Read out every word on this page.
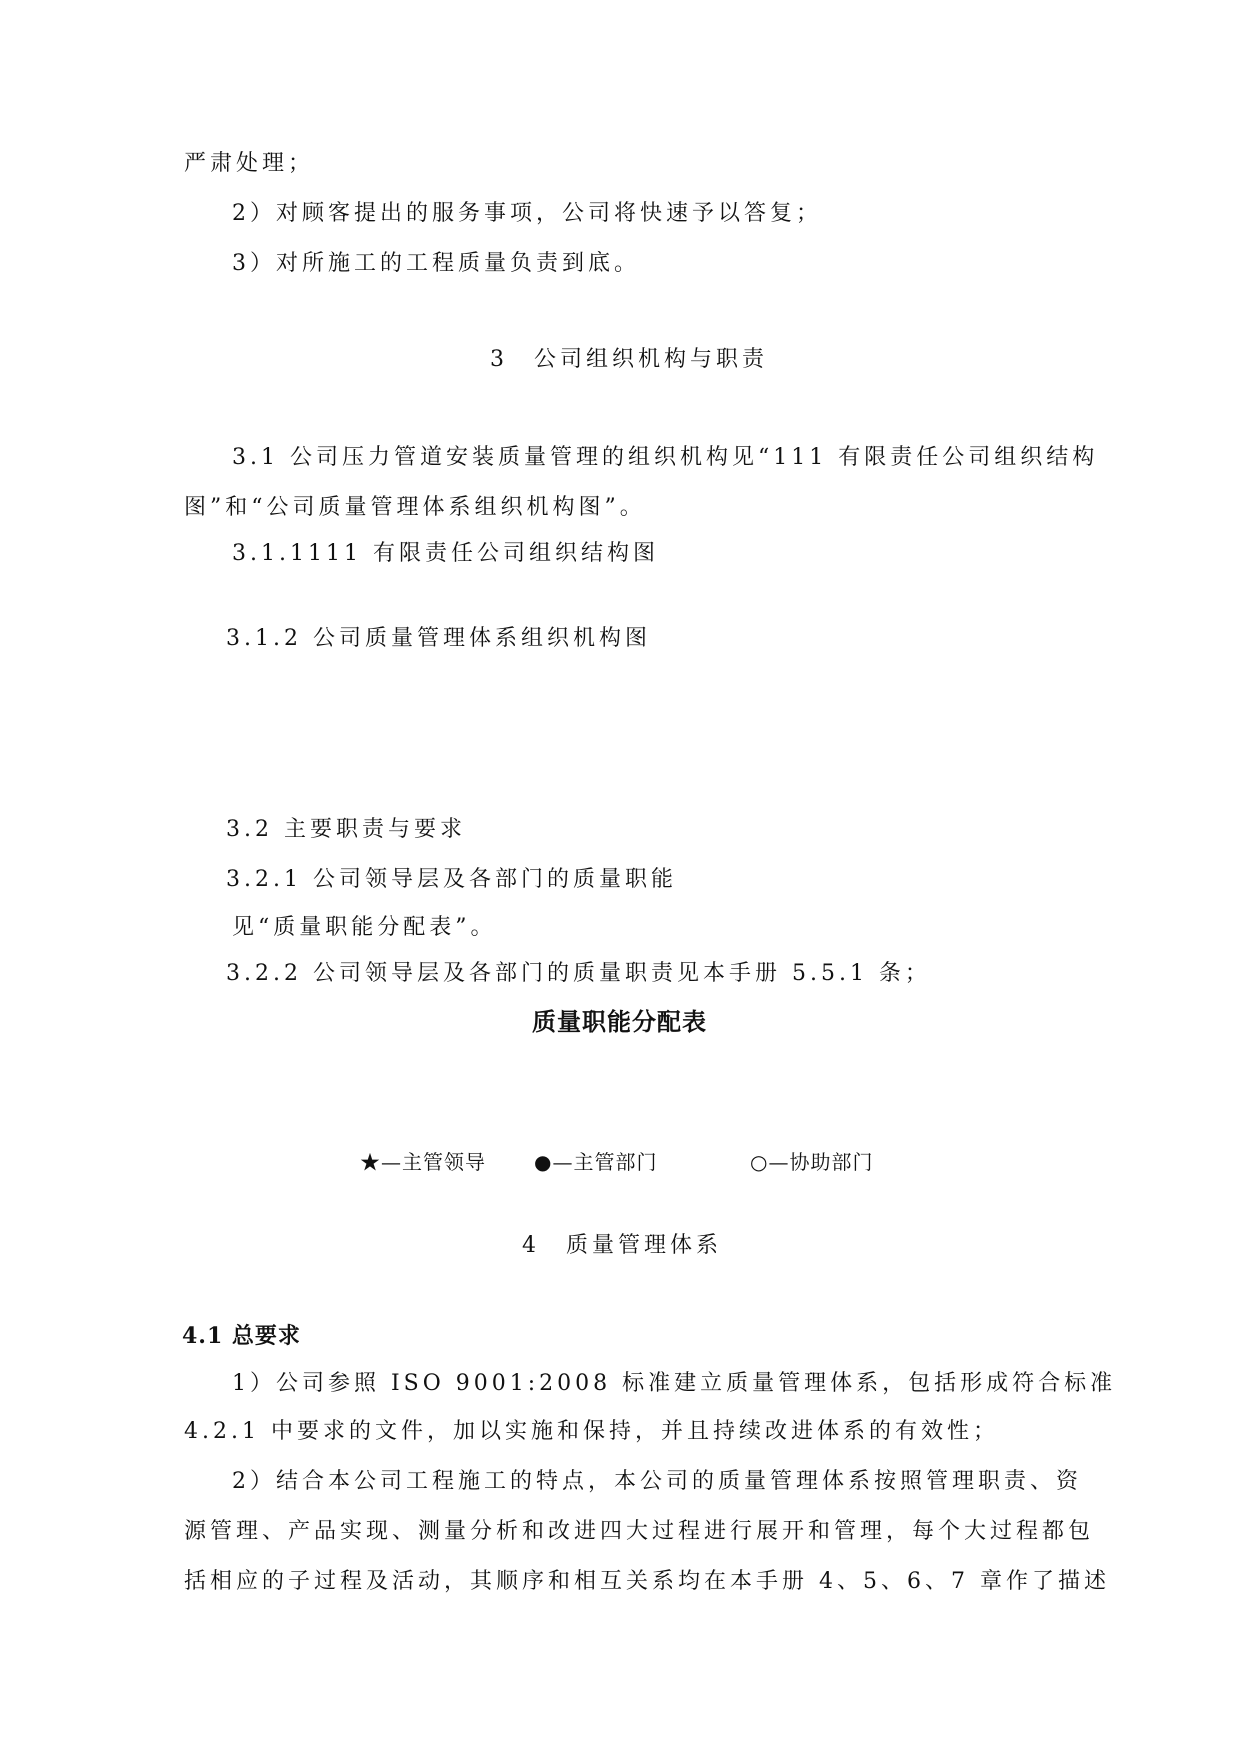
严肃处理；
2）对顾客提出的服务事项，公司将快速予以答复；
3）对所施工的工程质量负责到底。
3　公司组织机构与职责
3.1 公司压力管道安装质量管理的组织机构见“111 有限责任公司组织结构
图”和“公司质量管理体系组织机构图”。
3.1.1111 有限责任公司组织结构图
3.1.2 公司质量管理体系组织机构图
3.2 主要职责与要求
3.2.1 公司领导层及各部门的质量职能
见“质量职能分配表”。
3.2.2 公司领导层及各部门的质量职责见本手册 5.5.1 条；
质量职能分配表
★—主管领导 ●—主管部门	○—协助部门
4　质量管理体系
4.1 总要求
1）公司参照 ISO 9001:2008 标准建立质量管理体系，包括形成符合标准
4.2.1 中要求的文件，加以实施和保持，并且持续改进体系的有效性；
2）结合本公司工程施工的特点，本公司的质量管理体系按照管理职责、资
源管理、产品实现、测量分析和改进四大过程进行展开和管理，每个大过程都包
括相应的子过程及活动，其顺序和相互关系均在本手册 4、5、6、7 章作了描述
